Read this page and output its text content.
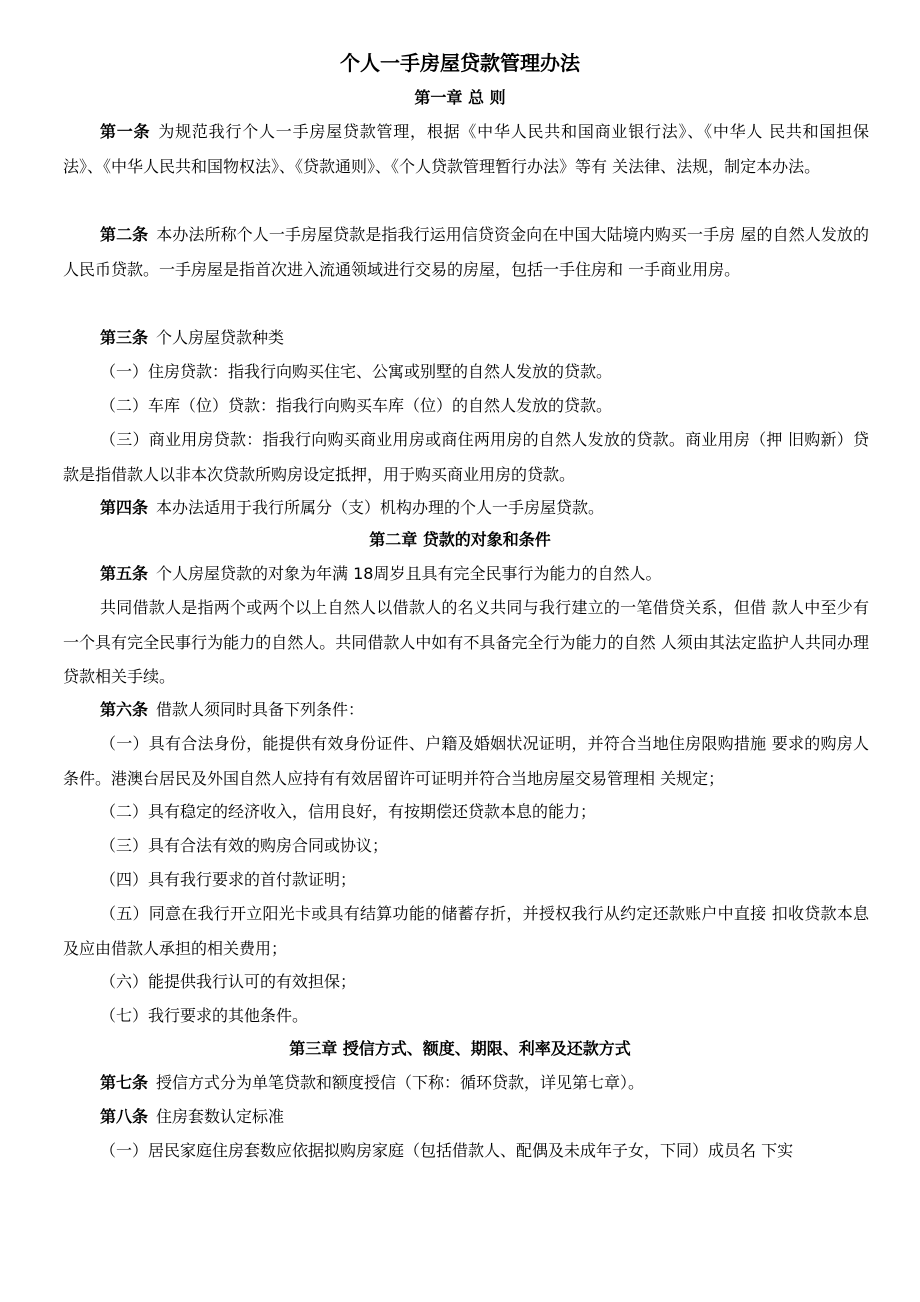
个人一手房屋贷款管理办法
第一章 总 则
第一条 为规范我行个人一手房屋贷款管理，根据《中华人民共和国商业银行法》、《中华人 民共和国担保法》、《中华人民共和国物权法》、《贷款通则》、《个人贷款管理暂行办法》等有 关法律、法规，制定本办法。
第二条 本办法所称个人一手房屋贷款是指我行运用信贷资金向在中国大陆境内购买一手房 屋的自然人发放的人民币贷款。一手房屋是指首次进入流通领域进行交易的房屋，包括一手住房和 一手商业用房。
第三条 个人房屋贷款种类
（一）住房贷款：指我行向购买住宅、公寓或别墅的自然人发放的贷款。
（二）车库（位）贷款：指我行向购买车库（位）的自然人发放的贷款。
（三）商业用房贷款：指我行向购买商业用房或商住两用房的自然人发放的贷款。商业用房（押 旧购新）贷款是指借款人以非本次贷款所购房设定抵押，用于购买商业用房的贷款。
第四条 本办法适用于我行所属分（支）机构办理的个人一手房屋贷款。
第二章 贷款的对象和条件
第五条 个人房屋贷款的对象为年满 18周岁且具有完全民事行为能力的自然人。
共同借款人是指两个或两个以上自然人以借款人的名义共同与我行建立的一笔借贷关系，但借 款人中至少有一个具有完全民事行为能力的自然人。共同借款人中如有不具备完全行为能力的自然 人须由其法定监护人共同办理贷款相关手续。
第六条 借款人须同时具备下列条件：
（一）具有合法身份，能提供有效身份证件、户籍及婚姻状况证明，并符合当地住房限购措施 要求的购房人条件。港澳台居民及外国自然人应持有有效居留许可证明并符合当地房屋交易管理相 关规定；
（二）具有稳定的经济收入，信用良好，有按期偿还贷款本息的能力；
（三）具有合法有效的购房合同或协议；
（四）具有我行要求的首付款证明；
（五）同意在我行开立阳光卡或具有结算功能的储蓄存折，并授权我行从约定还款账户中直接 扣收贷款本息及应由借款人承担的相关费用；
（六）能提供我行认可的有效担保；
（七）我行要求的其他条件。
第三章 授信方式、额度、期限、利率及还款方式
第七条 授信方式分为单笔贷款和额度授信（下称：循环贷款，详见第七章）。
第八条 住房套数认定标准
（一）居民家庭住房套数应依据拟购房家庭（包括借款人、配偶及未成年子女，下同）成员名 下实
